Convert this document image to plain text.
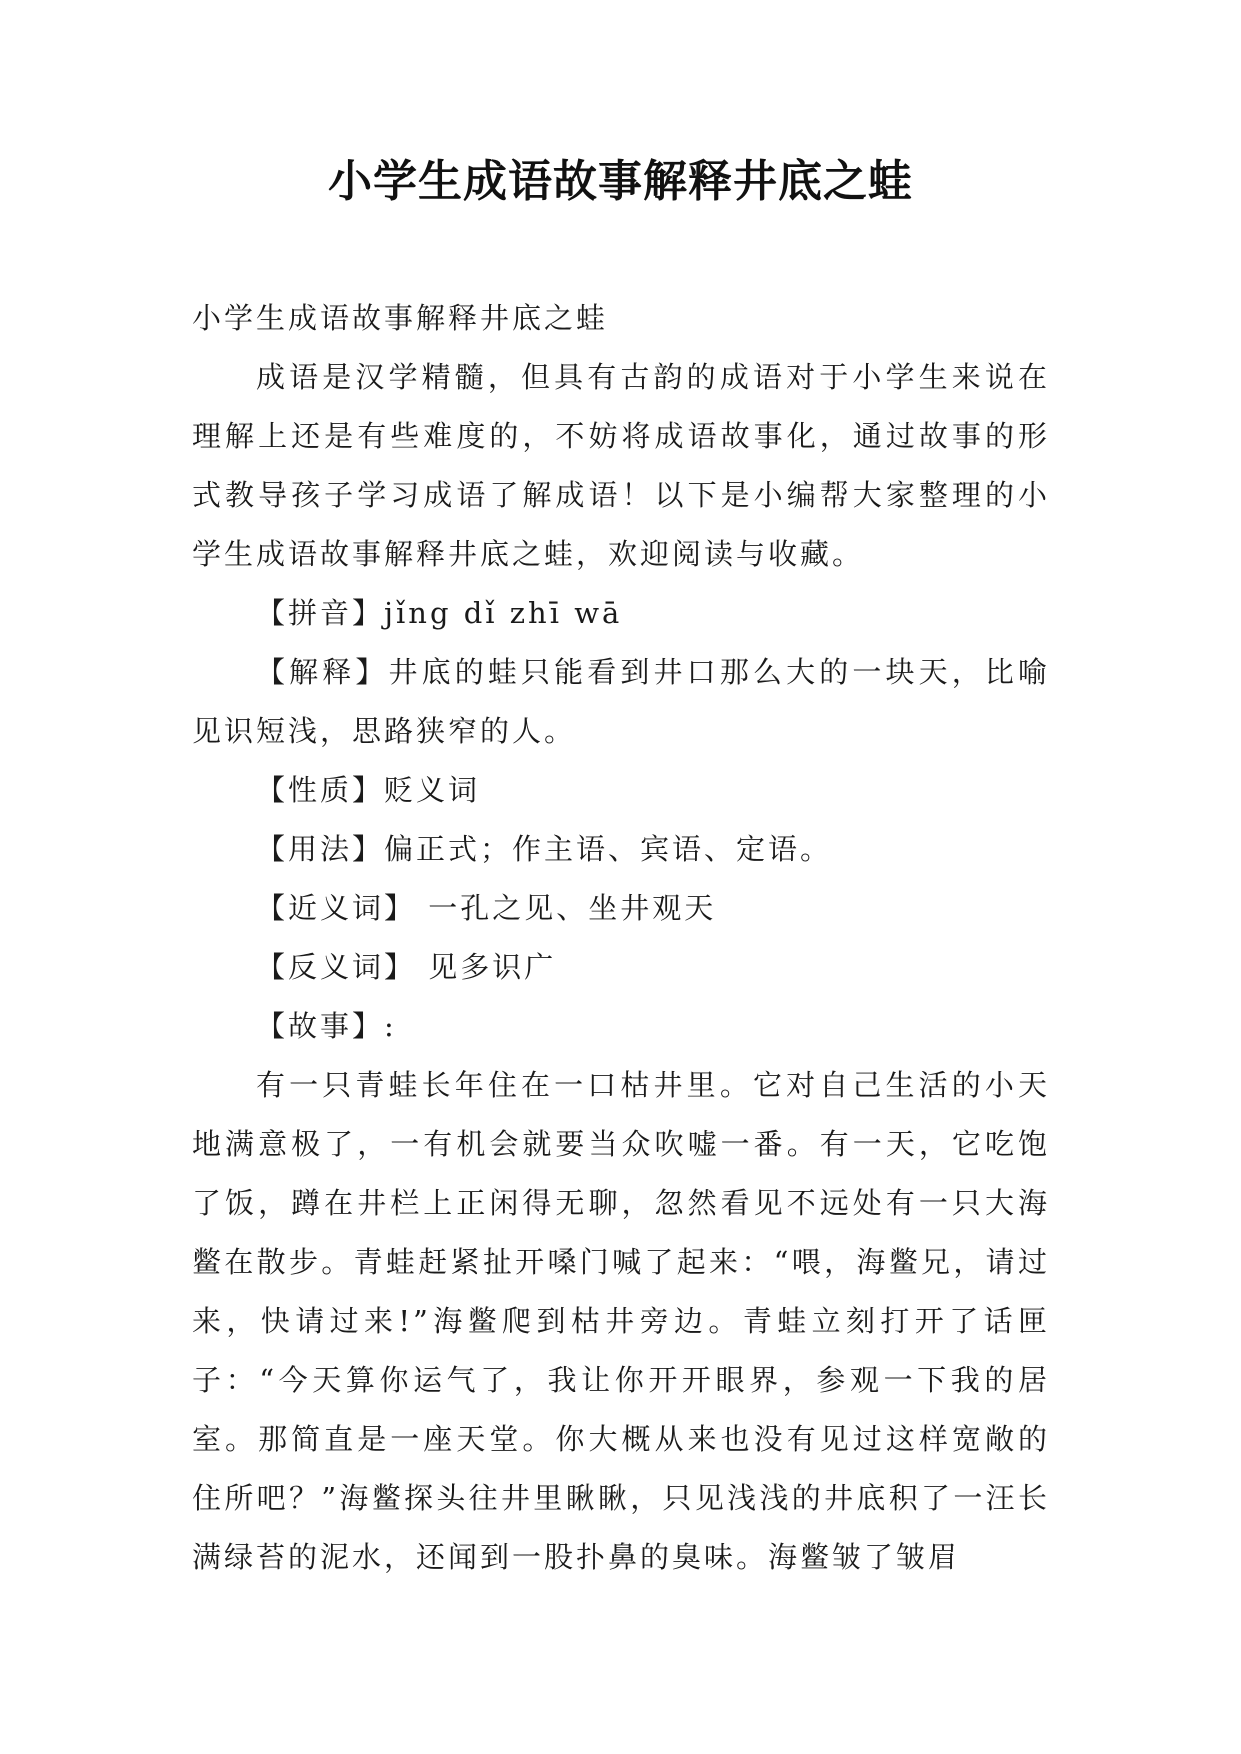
小学生成语故事解释井底之蛙

小学生成语故事解释井底之蛙

成语是汉学精髓，但具有古韵的成语对于小学生来说在理解上还是有些难度的，不妨将成语故事化，通过故事的形式教导孩子学习成语了解成语！以下是小编帮大家整理的小学生成语故事解释井底之蛙，欢迎阅读与收藏。

【拼音】jǐng dǐ zhī wā

【解释】井底的蛙只能看到井口那么大的一块天，比喻见识短浅，思路狭窄的人。

【性质】贬义词

【用法】偏正式；作主语、宾语、定语。

【近义词】 一孔之见、坐井观天

【反义词】 见多识广

【故事】:

有一只青蛙长年住在一口枯井里。它对自己生活的小天地满意极了，一有机会就要当众吹嘘一番。有一天，它吃饱了饭，蹲在井栏上正闲得无聊，忽然看见不远处有一只大海鳖在散步。青蛙赶紧扯开嗓门喊了起来：“喂，海鳖兄，请过来，快请过来!”海鳖爬到枯井旁边。青蛙立刻打开了话匣子：“今天算你运气了，我让你开开眼界，参观一下我的居室。那简直是一座天堂。你大概从来也没有见过这样宽敞的住所吧？”海鳖探头往井里瞅瞅，只见浅浅的井底积了一汪长满绿苔的泥水，还闻到一股扑鼻的臭味。海鳖皱了皱眉
